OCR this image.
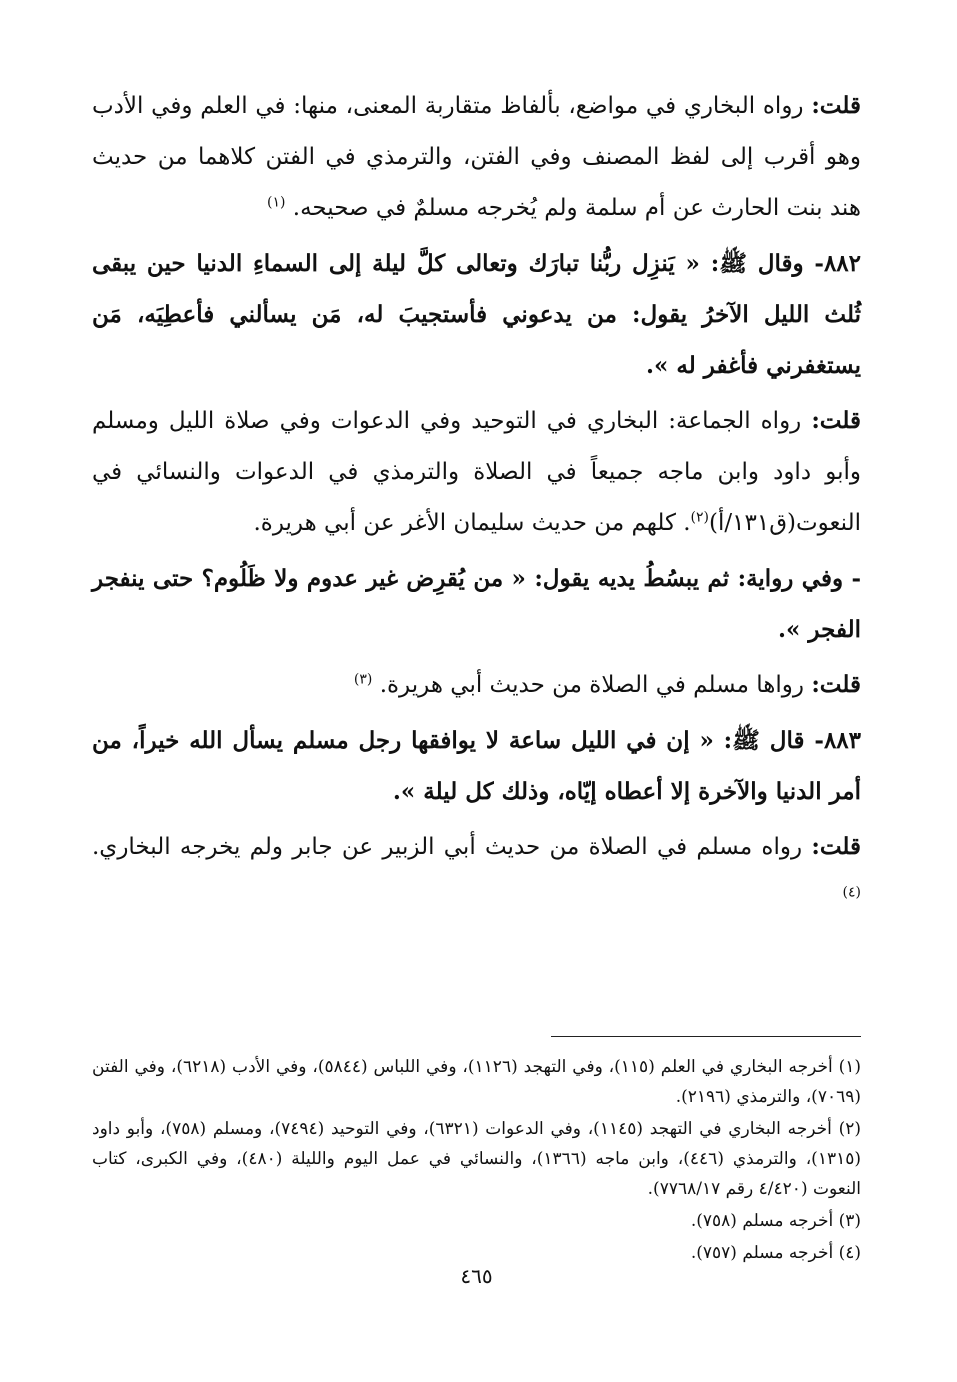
قلت: رواه البخاري في مواضع، بألفاظ متقاربة المعنى، منها: في العلم وفي الأدب وهو أقرب إلى لفظ المصنف وفي الفتن، والترمذي في الفتن كلاهما من حديث هند بنت الحارث عن أم سلمة ولم يُخرجه مسلمٌ في صحيحه. $^{(١)}$

٨٨٢- وقال ﷺ: « يَنزِل ربُّنا تبارَك وتعالى كلَّ ليلة إلى السماءِ الدنيا حين يبقى ثُلث الليل الآخرُ يقول: من يدعوني فأستجيبَ له، مَن يسألني فأعطِيَه، مَن يستغفرني فأغفر له ».

قلت: رواه الجماعة: البخاري في التوحيد وفي الدعوات وفي صلاة الليل ومسلم وأبو داود وابن ماجه جميعاً في الصلاة والترمذي في الدعوات والنسائي في النعوت(ق١٣١/أ)$^{(٢)}$. كلهم من حديث سليمان الأغر عن أبي هريرة.

- وفي رواية: ثم يبسُطُ يديه يقول: « من يُقرِض غير عدوم ولا ظَلُوم؟ حتى ينفجر الفجر ».

قلت: رواها مسلم في الصلاة من حديث أبي هريرة. $^{(٣)}$

٨٨٣- قال ﷺ: « إن في الليل ساعة لا يوافقها رجل مسلم يسأل الله خيراً، من أمر الدنيا والآخرة إلا أعطاه إيّاه، وذلك كل ليلة ».

قلت: رواه مسلم في الصلاة من حديث أبي الزبير عن جابر ولم يخرجه البخاري. $^{(٤)}$

(١) أخرجه البخاري في العلم (١١٥)، وفي التهجد (١١٢٦)، وفي اللباس (٥٨٤٤)، وفي الأدب (٦٢١٨)، وفي الفتن (٧٠٦٩)، والترمذي (٢١٩٦).

(٢) أخرجه البخاري في التهجد (١١٤٥)، وفي الدعوات (٦٣٢١)، وفي التوحيد (٧٤٩٤)، ومسلم (٧٥٨)، وأبو داود (١٣١٥)، والترمذي (٤٤٦)، وابن ماجه (١٣٦٦)، والنسائي في عمل اليوم والليلة (٤٨٠)، وفي الكبرى، كتاب النعوت (٤/٤٢٠ رقم ٧٧٦٨/١٧).

(٣) أخرجه مسلم (٧٥٨).

(٤) أخرجه مسلم (٧٥٧).

٤٦٥
